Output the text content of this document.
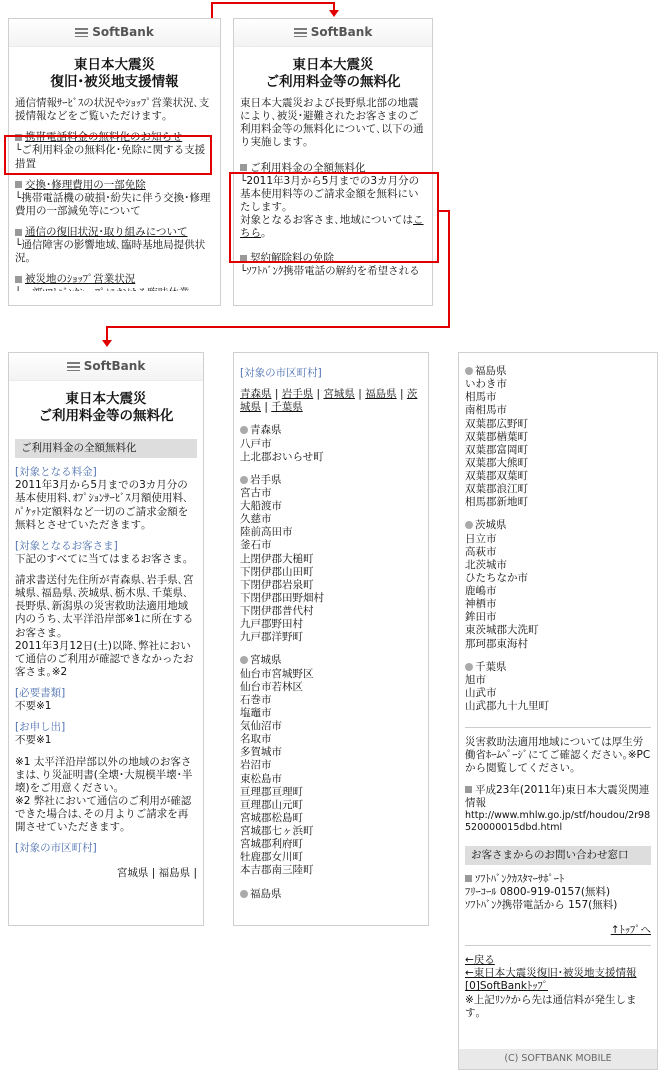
SoftBank
東日本大震災
復旧･被災地支援情報
通信情報ｻｰﾋﾞｽの状況やｼｮｯﾌﾟ営業状況､支援情報などをご覧いただけます｡
携帯電話料金の無料化のお知らせ
└ご利用料金の無料化･免除に関する支援措置
交換･修理費用の一部免除
└携帯電話機の破損･紛失に伴う交換･修理費用の一部減免等について
通信の復旧状況･取り組みについて
└通信障害の影響地域､臨時基地局提供状況｡
被災地のｼｮｯﾌﾟ営業状況
SoftBank
東日本大震災
ご利用料金等の無料化
東日本大震災および長野県北部の地震により､被災･避難されたお客さまのご利用料金等の無料化について､以下の通り実施します｡
ご利用料金の全額無料化
└2011年3月から5月までの3カ月分の基本使用料等のご請求金額を無料にいたします｡
対象となるお客さま､地域についてはこちら｡
契約解除料の免除
└ｿﾌﾄﾊﾞﾝｸ携帯電話の解約を希望される
SoftBank
東日本大震災
ご利用料金等の無料化
ご利用料金の全額無料化
[対象となる料金]
2011年3月から5月までの3カ月分の基本使用料､ｵﾌﾟｼｮﾝｻｰﾋﾞｽ月額使用料､ﾊﾟｹｯﾄ定額料など一切のご請求金額を無料とさせていただきます｡
[対象となるお客さま]
下記のすべてに当てはまるお客さま｡
請求書送付先住所が青森県､岩手県､宮城県､福島県､茨城県､栃木県､千葉県､長野県､新潟県の災害救助法適用地域内のうち､太平洋沿岸部※1に所在するお客さま｡
2011年3月12日(土)以降､弊社において通信のご利用が確認できなかったお客さま｡※2
[必要書類]
不要※1
[お申し出]
不要※1
※1 太平洋沿岸部以外の地域のお客さまは､り災証明書(全壊･大規模半壊･半壊)をご用意ください｡
※2 弊社において通信のご利用が確認できた場合は､その月よりご請求を再開させていただきます｡
[対象の市区町村]
宮城県 | 福島県 |
[対象の市区町村]
青森県 | 岩手県 | 宮城県 | 福島県 | 茨城県 | 千葉県
青森県
八戸市
上北郡おいらせ町
岩手県
宮古市
大船渡市
久慈市
陸前高田市
釜石市
上閉伊郡大槌町
下閉伊郡山田町
下閉伊郡岩泉町
下閉伊郡田野畑村
下閉伊郡普代村
九戸郡野田村
九戸郡洋野町
宮城県
仙台市宮城野区
仙台市若林区
石巻市
塩竈市
気仙沼市
名取市
多賀城市
岩沼市
東松島市
亘理郡亘理町
亘理郡山元町
宮城郡松島町
宮城郡七ヶ浜町
宮城郡利府町
牡鹿郡女川町
本吉郡南三陸町
福島県
福島県
いわき市
相馬市
南相馬市
双葉郡広野町
双葉郡楢葉町
双葉郡富岡町
双葉郡大熊町
双葉郡双葉町
双葉郡浪江町
相馬郡新地町
茨城県
日立市
高萩市
北茨城市
ひたちなか市
鹿嶋市
神栖市
鉾田市
東茨城郡大洗町
那珂郡東海村
千葉県
旭市
山武市
山武郡九十九里町
災害救助法適用地域については厚生労働省ﾎｰﾑﾍﾟｰｼﾞにてご確認ください｡※PCから閲覧してください｡
平成23年(2011年)東日本大震災関連情報
http://www.mhlw.go.jp/stf/houdou/2r98520000015dbd.html
お客さまからのお問い合わせ窓口
ｿﾌﾄﾊﾞﾝｸｶｽﾀﾏｰｻﾎﾟｰﾄ
ﾌﾘｰｺｰﾙ 0800-919-0157(無料)
ｿﾌﾄﾊﾞﾝｸ携帯電話から 157(無料)
↑ﾄｯﾌﾟへ
←戻る
←東日本大震災復旧･被災地支援情報
[0]SoftBankﾄｯﾌﾟ
※上記ﾘﾝｸから先は通信料が発生します｡
(C) SOFTBANK MOBILE
